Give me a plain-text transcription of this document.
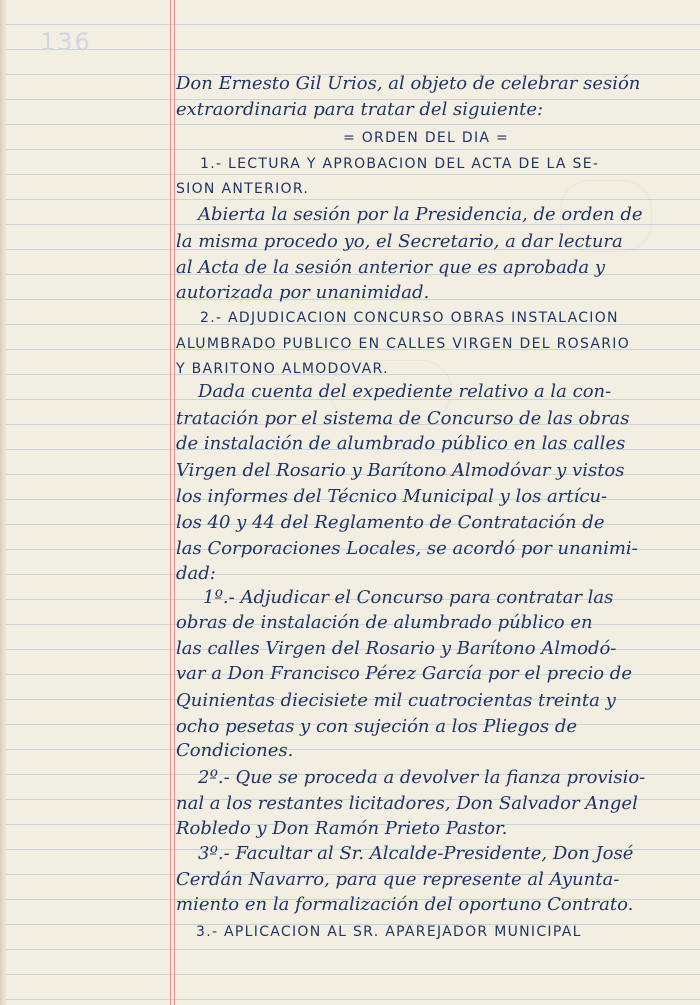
136
Don Ernesto Gil Urios, al objeto de celebrar sesión
extraordinaria para tratar del siguiente:
= ORDEN DEL DIA =
1.- LECTURA Y APROBACION DEL ACTA DE LA SE-
SION ANTERIOR.
Abierta la sesión por la Presidencia, de orden de
la misma procedo yo, el Secretario, a dar lectura
al Acta de la sesión anterior que es aprobada y
autorizada por unanimidad.
2.- ADJUDICACION CONCURSO OBRAS INSTALACION
ALUMBRADO PUBLICO EN CALLES VIRGEN DEL ROSARIO
Y BARITONO ALMODOVAR.
Dada cuenta del expediente relativo a la con-
tratación por el sistema de Concurso de las obras
de instalación de alumbrado público en las calles
Virgen del Rosario y Barítono Almodóvar y vistos
los informes del Técnico Municipal y los artícu-
los 40 y 44 del Reglamento de Contratación de
las Corporaciones Locales, se acordó por unanimi-
dad:
1º.- Adjudicar el Concurso para contratar las
obras de instalación de alumbrado público en
las calles Virgen del Rosario y Barítono Almodó-
var a Don Francisco Pérez García por el precio de
Quinientas diecisiete mil cuatrocientas treinta y
ocho pesetas y con sujeción a los Pliegos de
Condiciones.
2º.- Que se proceda a devolver la fianza provisio-
nal a los restantes licitadores, Don Salvador Angel
Robledo y Don Ramón Prieto Pastor.
3º.- Facultar al Sr. Alcalde-Presidente, Don José
Cerdán Navarro, para que represente al Ayunta-
miento en la formalización del oportuno Contrato.
3.- APLICACION AL SR. APAREJADOR MUNICIPAL
